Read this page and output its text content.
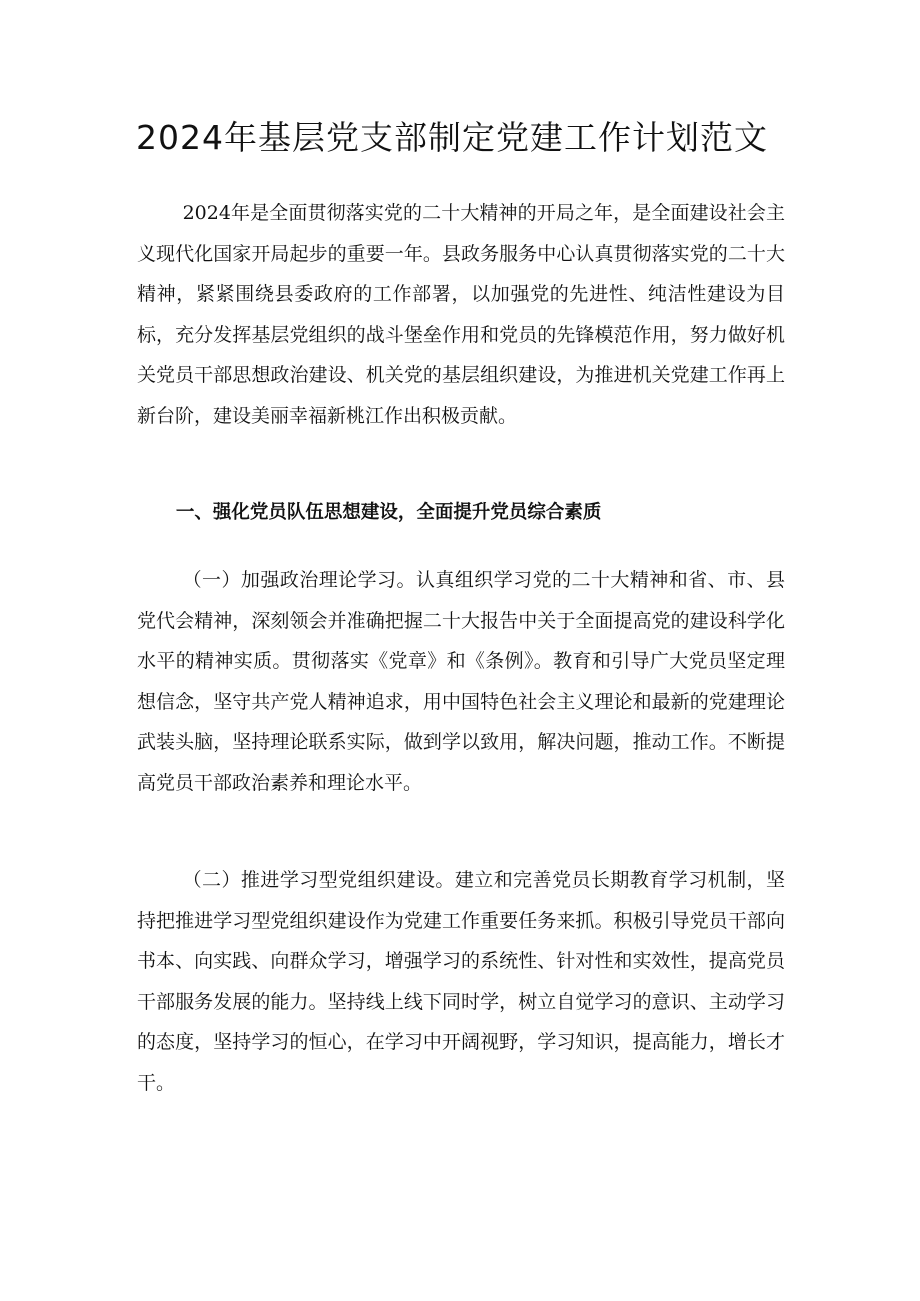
2024年基层党支部制定党建工作计划范文

2024年是全面贯彻落实党的二十大精神的开局之年，是全面建设社会主义现代化国家开局起步的重要一年。县政务服务中心认真贯彻落实党的二十大精神，紧紧围绕县委政府的工作部署，以加强党的先进性、纯洁性建设为目标，充分发挥基层党组织的战斗堡垒作用和党员的先锋模范作用，努力做好机关党员干部思想政治建设、机关党的基层组织建设，为推进机关党建工作再上新台阶，建设美丽幸福新桃江作出积极贡献。

一、强化党员队伍思想建设，全面提升党员综合素质

（一）加强政治理论学习。认真组织学习党的二十大精神和省、市、县党代会精神，深刻领会并准确把握二十大报告中关于全面提高党的建设科学化水平的精神实质。贯彻落实《党章》和《条例》。教育和引导广大党员坚定理想信念，坚守共产党人精神追求，用中国特色社会主义理论和最新的党建理论武装头脑，坚持理论联系实际，做到学以致用，解决问题，推动工作。不断提高党员干部政治素养和理论水平。

（二）推进学习型党组织建设。建立和完善党员长期教育学习机制，坚持把推进学习型党组织建设作为党建工作重要任务来抓。积极引导党员干部向书本、向实践、向群众学习，增强学习的系统性、针对性和实效性，提高党员干部服务发展的能力。坚持线上线下同时学，树立自觉学习的意识、主动学习的态度，坚持学习的恒心，在学习中开阔视野，学习知识，提高能力，增长才干。
